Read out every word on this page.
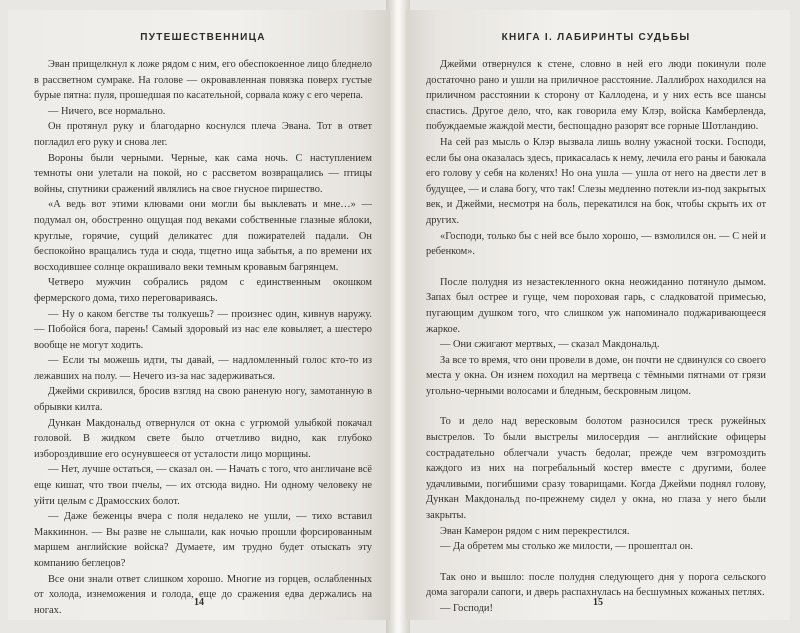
ПУТЕШЕСТВЕННИЦА

Эван прищелкнул к ложе рядом с ним, его обеспокоенное лицо бледнело в рассветном сумраке. На голове — окровавленная повязка поверх густые бурые пятна: пуля, прошедшая по касательной, сорвала кожу с его черепа.

— Ничего, все нормально.

Он протянул руку и благодарно коснулся плеча Эвана. Тот в ответ погладил его руку и снова лег.

Вороны были черными. Черные, как сама ночь. С наступлением темноты они улетали на покой, но с рассветом возвращались — птицы войны, спутники сражений являлись на свое гнусное пиршество.

«А ведь вот этими клювами они могли бы выклевать и мне…» — подумал он, обостренно ощущая под веками собственные глазные яблоки, круглые, горячие, сущий деликатес для пожирателей падали. Он беспокойно вращались туда и сюда, тщетно ища забытья, а по времени их восходившее солнце окрашивало веки темным кровавым багрянцем.

Четверо мужчин собрались рядом с единственным окошком фермерского дома, тихо переговариваясь.

— Ну о каком бегстве ты толкуешь? — произнес один, кивнув наружу. — Побойся бога, парень! Самый здоровый из нас еле ковыляет, а шестеро вообще не могут ходить.

— Если ты можешь идти, ты давай, — надломленный голос кто-то из лежавших на полу. — Нечего из-за нас задерживаться.

Джейми скривился, бросив взгляд на свою раненую ногу, замотанную в обрывки килта.

Дункан Макдональд отвернулся от окна с угрюмой улыбкой покачал головой. В жидком свете было отчетливо видно, как глубоко избороздившие его осунувшееся от усталости лицо морщины.

— Нет, лучше остаться, — сказал он. — Начать с того, что англичане всё еще кишат, что твои пчелы, — их отсюда видно. Ни одному человеку не уйти целым с Драмосских болот.

— Даже беженцы вчера с поля недалеко не ушли, — тихо вставил Маккиннон. — Вы разве не слышали, как ночью прошли форсированным маршем английские войска? Думаете, им трудно будет отыскать эту компанию беглецов?

Все они знали ответ слишком хорошо. Многие из горцев, ослабленных от холода, изнеможения и голода, еще до сражения едва держались на ногах.

14
КНИГА I. ЛАБИРИНТЫ СУДЬБЫ

Джейми отвернулся к стене, словно в ней его люди покинули поле достаточно рано и ушли на приличное расстояние. Лаллиброх находился на приличном расстоянии к сторону от Каллодена, и у них есть все шансы спастись. Другое дело, что, как говорила ему Клэр, войска Камберленда, побуждаемые жаждой мести, беспощадно разорят все горные Шотландию.

На сей раз мысль о Клэр вызвала лишь волну ужасной тоски. Господи, если бы она оказалась здесь, прикасалась к нему, лечила его раны и баюкала его голову у себя на коленях! Но она ушла — ушла от него на двести лет в будущее, — и слава богу, что так! Слезы медленно потекли из-под закрытых век, и Джейми, несмотря на боль, перекатился на бок, чтобы скрыть их от других.

«Господи, только бы с ней все было хорошо, — взмолился он. — С ней и ребенком».

После полудня из незастекленного окна неожиданно потянуло дымом. Запах был острее и гуще, чем пороховая гарь, с сладковатой примесью, пугающим душком того, что слишком уж напоминало поджаривающееся жаркое.

— Они сжигают мертвых, — сказал Макдональд.

За все то время, что они провели в доме, он почти не сдвинулся со своего места у окна. Он изнем походил на мертвеца с тёмными пятнами от грязи угольно-черными волосами и бледным, бескровным лицом.

То и дело над вересковым болотом разносился треск ружейных выстрелов. То были выстрелы милосердия — английские офицеры сострадательно облегчали участь бедолаг, прежде чем взгромоздить каждого из них на погребальный костер вместе с другими, более удачливыми, погибшими сразу товарищами. Когда Джейми поднял голову, Дункан Макдональд по-прежнему сидел у окна, но глаза у него были закрыты.

Эван Камерон рядом с ним перекрестился.

— Да обретем мы столько же милости, — прошептал он.

Так оно и вышло: после полудня следующего дня у порога сельского дома загорали сапоги, и дверь распахнулась на бесшумных кожаных петлях.

— Господи!

15
